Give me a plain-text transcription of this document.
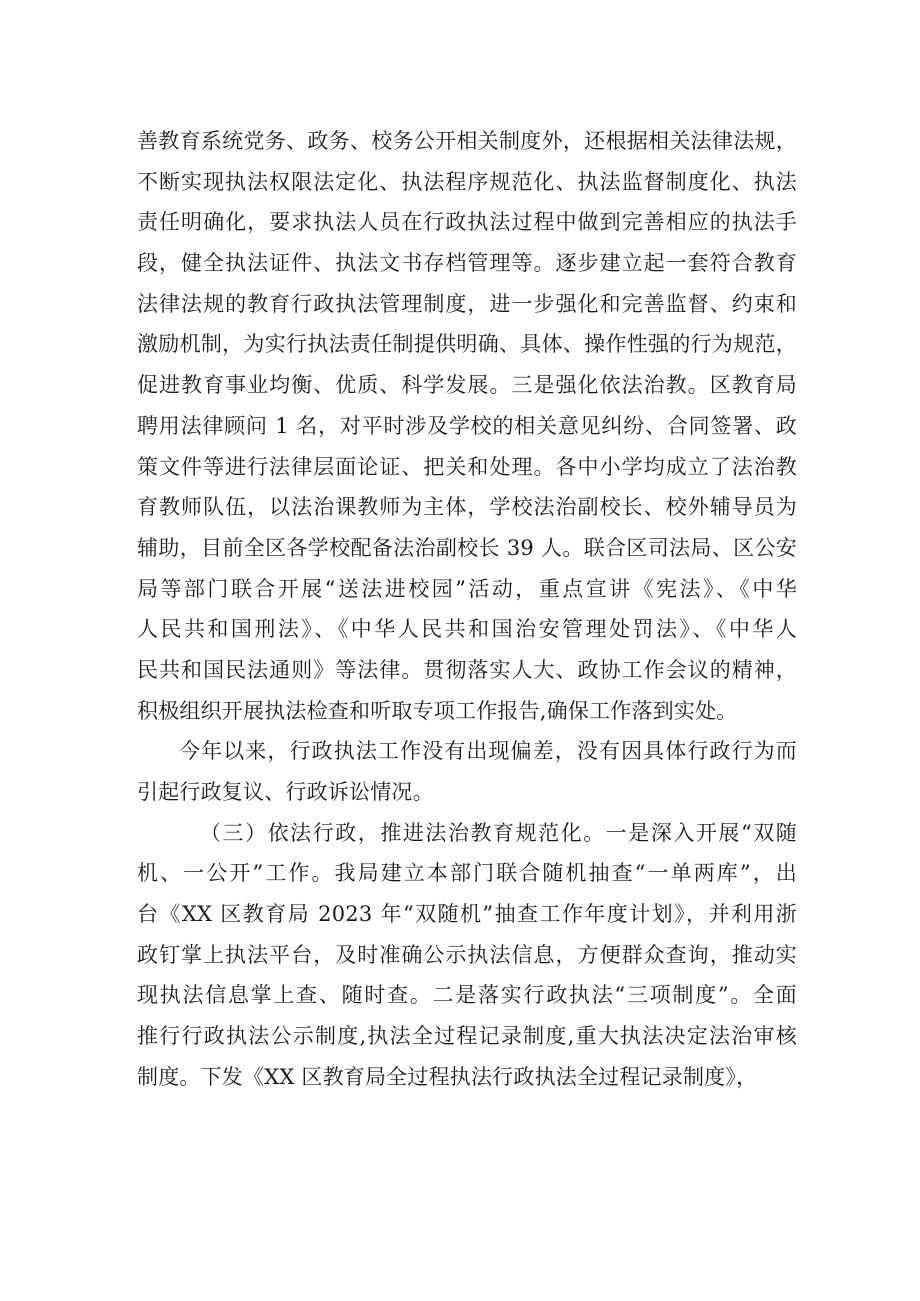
善教育系统党务、政务、校务公开相关制度外，还根据相关法律法规，
不断实现执法权限法定化、执法程序规范化、执法监督制度化、执法
责任明确化，要求执法人员在行政执法过程中做到完善相应的执法手
段，健全执法证件、执法文书存档管理等。逐步建立起一套符合教育
法律法规的教育行政执法管理制度，进一步强化和完善监督、约束和
激励机制，为实行执法责任制提供明确、具体、操作性强的行为规范，
促进教育事业均衡、优质、科学发展。三是强化依法治教。区教育局
聘用法律顾问 1 名，对平时涉及学校的相关意见纠纷、合同签署、政
策文件等进行法律层面论证、把关和处理。各中小学均成立了法治教
育教师队伍，以法治课教师为主体，学校法治副校长、校外辅导员为
辅助，目前全区各学校配备法治副校长 39 人。联合区司法局、区公安
局等部门联合开展“送法进校园”活动，重点宣讲《宪法》、《中华
人民共和国刑法》、《中华人民共和国治安管理处罚法》、《中华人
民共和国民法通则》等法律。贯彻落实人大、政协工作会议的精神，
积极组织开展执法检查和听取专项工作报告,确保工作落到实处。
今年以来，行政执法工作没有出现偏差，没有因具体行政行为而
引起行政复议、行政诉讼情况。
（三）依法行政，推进法治教育规范化。一是深入开展“双随
机、一公开”工作。我局建立本部门联合随机抽查“一单两库”，出
台《XX 区教育局 2023 年“双随机”抽查工作年度计划》，并利用浙
政钉掌上执法平台，及时准确公示执法信息，方便群众查询，推动实
现执法信息掌上查、随时查。二是落实行政执法“三项制度”。全面
推行行政执法公示制度,执法全过程记录制度,重大执法决定法治审核
制度。下发《XX 区教育局全过程执法行政执法全过程记录制度》，
